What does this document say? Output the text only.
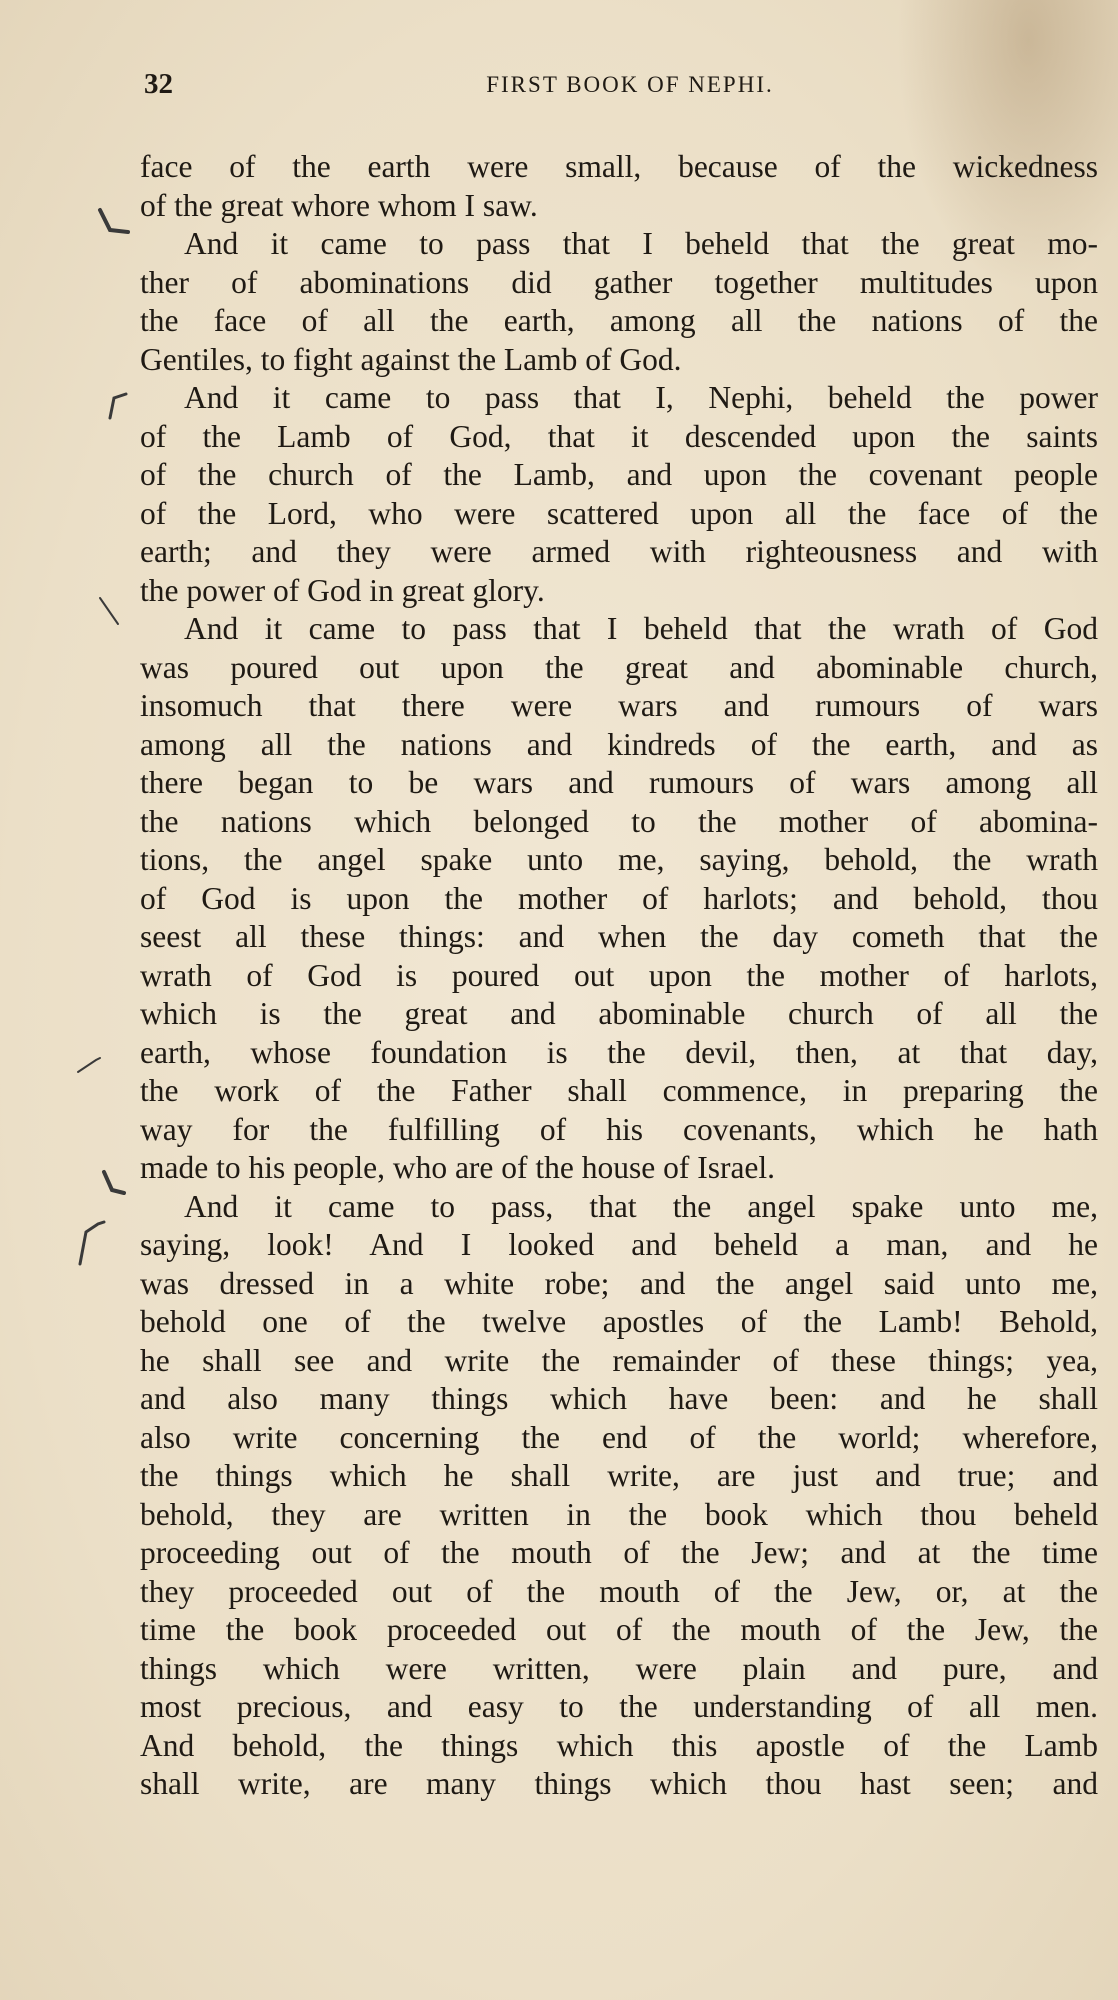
32	FIRST BOOK OF NEPHI.
face of the earth were small, because of the wickedness
of the great whore whom I saw.
And it came to pass that I beheld that the great mo-
ther of abominations did gather together multitudes upon
the face of all the earth, among all the nations of the
Gentiles, to fight against the Lamb of God.
And it came to pass that I, Nephi, beheld the power
of the Lamb of God, that it descended upon the saints
of the church of the Lamb, and upon the covenant people
of the Lord, who were scattered upon all the face of the
earth; and they were armed with righteousness and with
the power of God in great glory.
And it came to pass that I beheld that the wrath of God
was poured out upon the great and abominable church,
insomuch that there were wars and rumours of wars
among all the nations and kindreds of the earth, and as
there began to be wars and rumours of wars among all
the nations which belonged to the mother of abomina-
tions, the angel spake unto me, saying, behold, the wrath
of God is upon the mother of harlots; and behold, thou
seest all these things: and when the day cometh that the
wrath of God is poured out upon the mother of harlots,
which is the great and abominable church of all the
earth, whose foundation is the devil, then, at that day,
the work of the Father shall commence, in preparing the
way for the fulfilling of his covenants, which he hath
made to his people, who are of the house of Israel.
And it came to pass, that the angel spake unto me,
saying, look! And I looked and beheld a man, and he
was dressed in a white robe; and the angel said unto me,
behold one of the twelve apostles of the Lamb! Behold,
he shall see and write the remainder of these things; yea,
and also many things which have been: and he shall
also write concerning the end of the world; wherefore,
the things which he shall write, are just and true; and
behold, they are written in the book which thou beheld
proceeding out of the mouth of the Jew; and at the time
they proceeded out of the mouth of the Jew, or, at the
time the book proceeded out of the mouth of the Jew, the
things which were written, were plain and pure, and
most precious, and easy to the understanding of all men.
And behold, the things which this apostle of the Lamb
shall write, are many things which thou hast seen; and
